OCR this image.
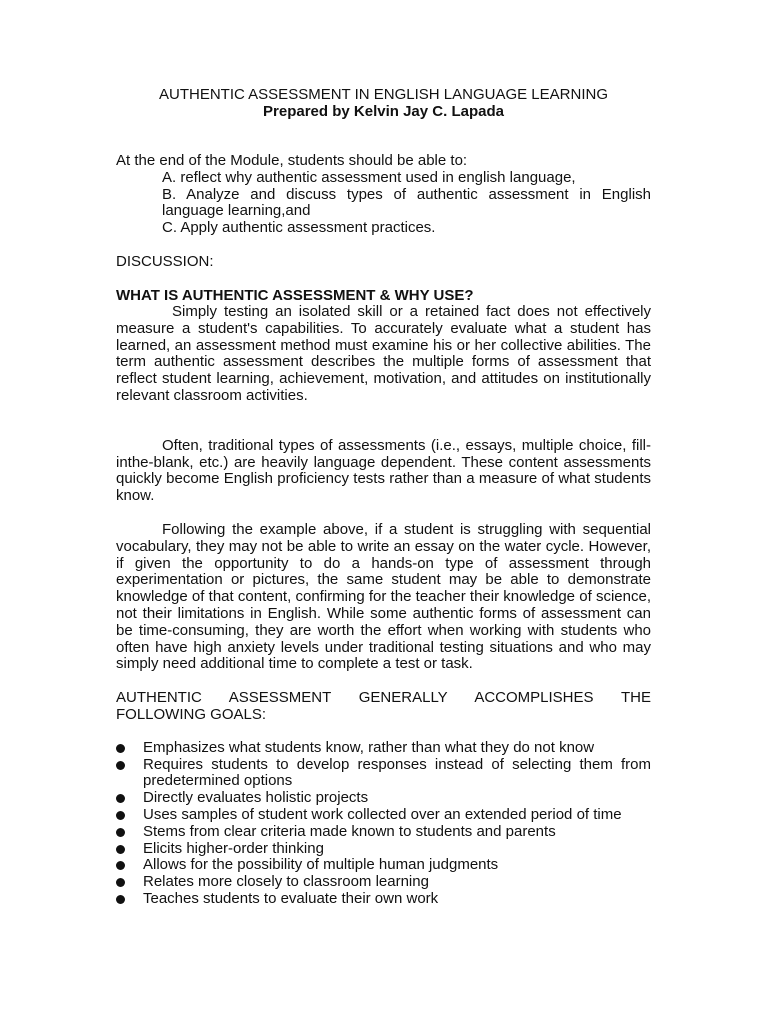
AUTHENTIC ASSESSMENT IN ENGLISH LANGUAGE LEARNING
Prepared by Kelvin Jay C. Lapada
At the end of the Module, students should be able to:
A. reflect why authentic assessment used in english language,
B. Analyze and discuss types of authentic assessment in English language learning,and
C. Apply authentic assessment practices.
DISCUSSION:
WHAT IS AUTHENTIC ASSESSMENT & WHY USE?

Simply testing an isolated skill or a retained fact does not effectively measure a student's capabilities. To accurately evaluate what a student has learned, an assessment method must examine his or her collective abilities. The term authentic assessment describes the multiple forms of assessment that reflect student learning, achievement, motivation, and attitudes on institutionally relevant classroom activities.

Often, traditional types of assessments (i.e., essays, multiple choice, fill-inthe-blank, etc.) are heavily language dependent. These content assessments quickly become English proficiency tests rather than a measure of what students know.

Following the example above, if a student is struggling with sequential vocabulary, they may not be able to write an essay on the water cycle. However, if given the opportunity to do a hands-on type of assessment through experimentation or pictures, the same student may be able to demonstrate knowledge of that content, confirming for the teacher their knowledge of science, not their limitations in English. While some authentic forms of assessment can be time-consuming, they are worth the effort when working with students who often have high anxiety levels under traditional testing situations and who may simply need additional time to complete a test or task.

AUTHENTIC ASSESSMENT GENERALLY ACCOMPLISHES THE
FOLLOWING GOALS:
Emphasizes what students know, rather than what they do not know
Requires students to develop responses instead of selecting them from predetermined options
Directly evaluates holistic projects
Uses samples of student work collected over an extended period of time
Stems from clear criteria made known to students and parents
Elicits higher-order thinking
Allows for the possibility of multiple human judgments
Relates more closely to classroom learning
Teaches students to evaluate their own work
